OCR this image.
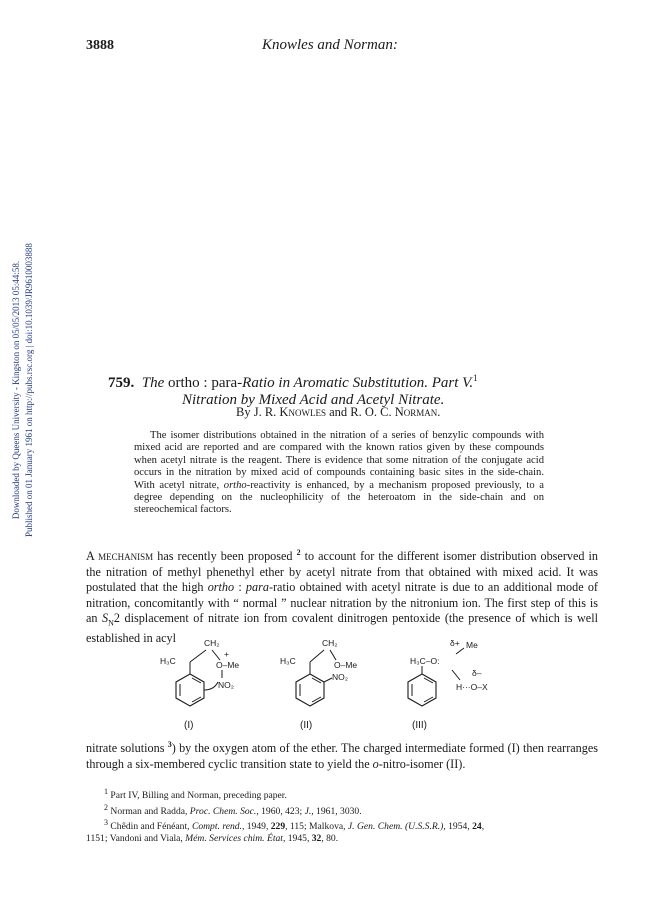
3888	Knowles and Norman:
Downloaded by Queens University - Kingston on 05/05/2013 05:44:58. Published on 01 January 1961 on http://pubs.rsc.org | doi:10.1039/JR9610003888	759. The ortho : para-Ratio in Aromatic Substitution. Part V.$^1$
Nitration by Mixed Acid and Acetyl Nitrate.
By J. R. Knowles and R. O. C. Norman.
The isomer distributions obtained in the nitration of a series of benzylic compounds with mixed acid are reported and are compared with the known ratios given by these compounds when acetyl nitrate is the reagent. There is evidence that some nitration of the conjugate acid occurs in the nitration by mixed acid of compounds containing basic sites in the side-chain. With acetyl nitrate, ortho-reactivity is enhanced, by a mechanism proposed previously, to a degree depending on the nucleophilicity of the heteroatom in the side-chain and on stereochemical factors.
A mechanism has recently been proposed $^2$ to account for the different isomer distribution observed in the nitration of methyl phenethyl ether by acetyl nitrate from that obtained with mixed acid. It was postulated that the high ortho : para-ratio obtained with acetyl nitrate is due to an additional mode of nitration, concomitantly with “ normal ” nuclear nitration by the nitronium ion. The first step of this is an $S_N2$ displacement of nitrate ion from covalent dinitrogen pentoxide (the presence of which is well established in acyl
H₃C
CH₂
+
O–Me
NO₂
(I)
H₃C
CH₂
O–Me
NO₂
(II)
H₃C–O:
δ+ Me
δ–
H···O–X
(III)
nitrate solutions $^3$) by the oxygen atom of the ether. The charged intermediate formed (I) then rearranges through a six-membered cyclic transition state to yield the o-nitro-isomer (II).
$^1$ Part IV, Billing and Norman, preceding paper.
$^2$ Norman and Radda, Proc. Chem. Soc., 1960, 423; J., 1961, 3030.
$^3$ Chêdin and Fénéant, Compt. rend., 1949, 229, 115; Malkova, J. Gen. Chem. (U.S.S.R.), 1954, 24,
1151; Vandoni and Viala, Mém. Services chim. État, 1945, 32, 80.
